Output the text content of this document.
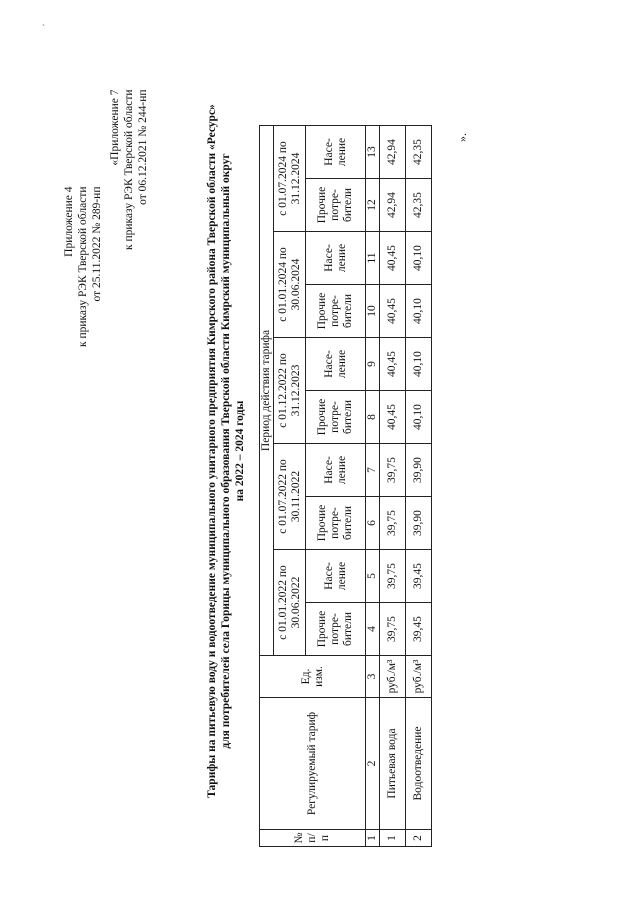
`
Приложение 4 к приказу РЭК Тверской области от 25.11.2022 № 289-нп
«Приложение 7 к приказу РЭК Тверской области от 06.12.2021 № 244-нп	Тарифы на питьевую воду и водоотведение муниципального унитарного предприятия Кимрского района Тверской области «Ресурс» для потребителей села Горицы муниципального образования Тверской области Кимрский муниципальный округ на 2022 – 2024 годы
№ п/п	Регулируемый тариф	Ед. изм.	Период действия тарифа									
			с 01.01.2022 по 30.06.2022		с 01.07.2022 по 30.11.2022		с 01.12.2022 по 31.12.2023		с 01.01.2024 по 30.06.2024		с 01.07.2024 по 31.12.2024	
			Прочие потре-бители	Насе-ление	Прочие потре-бители	Насе-ление	Прочие потре-бители	Насе-ление	Прочие потре-бители	Насе-ление	Прочие потре-бители	Насе-ление
1	2	3	4	5	6	7	8	9	10	11	12	13
1	Питьевая вода	руб./м³	39,75	39,75	39,75	39,75	40,45	40,45	40,45	40,45	42,94	42,94
2	Водоотведение	руб./м³	39,45	39,45	39,90	39,90	40,10	40,10	40,10	40,10	42,35	42,35
».
